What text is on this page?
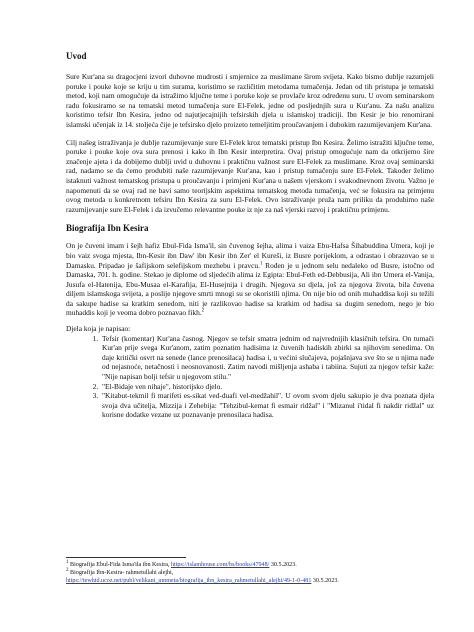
Uvod

Sure Kur'ana su dragocjeni izvori duhovne mudrosti i smjernice za muslimane širom svijeta. Kako bismo dublje razumjeli poruke i pouke koje se kriju u tim surama, koristimo se različitim metodama tumačenja. Jedan od tih pristupa je tematski metod, koji nam omogućuje da istražimo ključne teme i poruke koje se provlače kroz određenu suru. U ovom seminarskom radu fokusiramo se na tematski metod tumačenja sure El-Felek, jedne od posljednjih sura u Kur'anu. Za našu analizu koristimo tefsir Ibn Kesira, jedno od najutjecajnijih tefsirskih djela u islamskoj tradiciji. Ibn Kesir je bio renomirani islamski učenjak iz 14. stoljeća čije je tefsirsko djelo proizeto temeljitim proučavanjem i dubokim razumijevanjem Kur'ana.

Cilj našeg istraživanja je dublje razumijevanje sure El-Felek kroz tematski pristup Ibn Kesira. Želimo istražiti ključne teme, poruke i pouke koje ova sura prenosi i kako ih Ibn Kesir interpretira. Ovaj pristup omogućuje nam da otkrijemo šire značenje ajeta i da dobijemo dublji uvid u duhovnu i praktičnu važnost sure El-Felek za muslimane. Kroz ovaj seminarski rad, nadamo se da ćemo produbiti naše razumijevanje Kur'ana, kao i pristup tumačenju sure El-Felek. Također želimo istaknuti važnost tematskog pristupa u proučavanju i primjeni Kur'ana u našem vjerskom i svakodnevnom životu. Važno je napomenuti da se ovaj rad ne bavi samo teorijskim aspektima tematskog metoda tumačenja, već se fokusira na primjenu ovog metoda u konkretnom tefsiru Ibn Kesira za suru El-Felek. Ovo istraživanje pruža nam priliku da produbimo naše razumijevanje sure El-Felek i da izvučemo relevantne pouke iz nje za naš vjerski razvoj i praktičnu primjenu.

Biografija Ibn Kesira

On je čuveni imam i šejh hafiz Ebul-Fida Isma'il, sin čuvenog šejha, alima i vaiza Ebu-Hafsa Šihabuddina Umera, koji je bio vaiz svoga mjesta, Ibn-Kesir ibn Daw' ibn Kesir ibn Zer' el Kureši, iz Busre porijeklom, a odrastao i obrazovao se u Damasku. Pripadao je šafijskom selefijskom mezhebu i pravcu.$^1$ Rođen je u jednom selu nedaleko od Busre, istočno od Damaska, 701. h. godine. Stekao je diplome od sljedećih alima iz Egipta: Ebul-Feth ed-Debbusija, Ali ibn Umera el-Vanija, Jusufa el-Hatenija, Ebu-Musaa el-Karafija, El-Husejnija i drugih. Njegova su djela, još za njegova života, bila čuvena diljem islamskoga svijeta, a poslije njegove smrti mnogi su se okoristili njima. On nije bio od onih muhaddisa koji su težili da sakupe hadise sa kratkim senedom, niti je razlikovao hadise sa kratkim od hadisa sa dugim senedom, nego je bio muhaddis koji je veoma dobro poznavao fikh.$^2$

Djela koja je napisao:

1. Tefsir (komentar) Kur'ana časnog. Njegov se tefsir smatra jednim od najvrednijih klasičnih tefsira. On tumači Kur'an prije svega Kur'anom, zatim poznatim hadisima iz čuvenih hadiskih zbirki sa njihovim senedima. On daje kritički osvrt na senede (lance prenosilaca) hadisa i, u većini slučajeva, pojašnjava sve što se u njima nađe od nejasnoće, netačnosti i neosnovanosti. Zatim navodi mišljenja ashaba i tabiina. Sujuti za njegov tefsir kaže: "Nije napisan bolji tefsir u njegovom stilu."
2. "El-Bidaje ven nihaje", historijsko djelo.
3. "Kitabut-tekmil fi marifeti es-sikat ved-duafi vel-medžahil". U ovom svom djelu sakupio je dva poznata djela svoja dva učitelja, Mizzija i Zehebija: "Tehzibul-kemat fi esmair ridžal" i "Mizanul i'tidal fi nakdir ridžal" uz korisne dodatke vezane uz poznavanje prenosilaca hadisa.

$^1$ Biografija Ebul-Fida Isma'ila ibn Kesira, https://islamhouse.com/bs/books/47948/ 30.5.2023.

$^2$ Biografija Ibn-Kesira- rahmetullahi alejhi,
https://tewhid.ucoz.net/publ/velikani_ummeta/biografija_ibn_kesira_rahmetullahi_alejhi/49-1-0-481 30.5.2023.
